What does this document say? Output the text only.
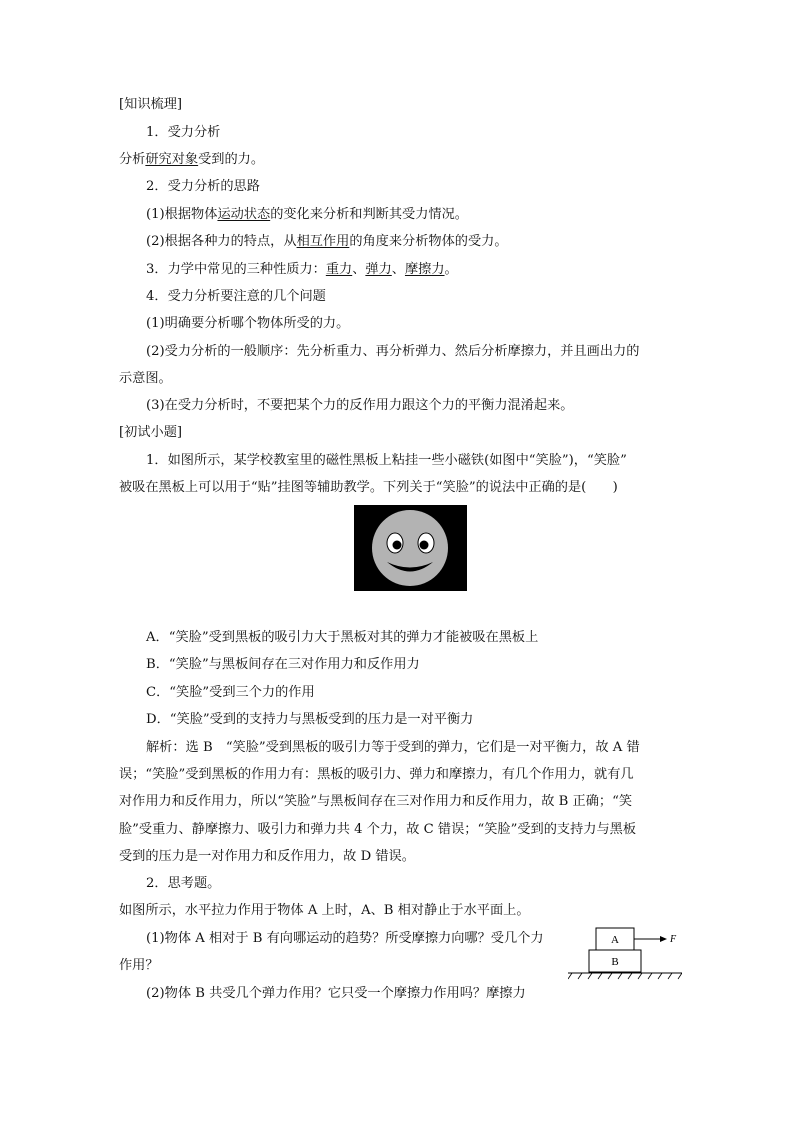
[知识梳理]
1．受力分析
分析研究对象受到的力。
2．受力分析的思路
(1)根据物体运动状态的变化来分析和判断其受力情况。
(2)根据各种力的特点，从相互作用的角度来分析物体的受力。
3．力学中常见的三种性质力：重力、弹力、摩擦力。
4．受力分析要注意的几个问题
(1)明确要分析哪个物体所受的力。
(2)受力分析的一般顺序：先分析重力、再分析弹力、然后分析摩擦力，并且画出力的
示意图。
(3)在受力分析时，不要把某个力的反作用力跟这个力的平衡力混淆起来。
[初试小题]
1．如图所示，某学校教室里的磁性黑板上粘挂一些小磁铁(如图中“笑脸”)，“笑脸”
被吸在黑板上可以用于“贴”挂图等辅助教学。下列关于“笑脸”的说法中正确的是(　　)
A．“笑脸”受到黑板的吸引力大于黑板对其的弹力才能被吸在黑板上
B．“笑脸”与黑板间存在三对作用力和反作用力
C．“笑脸”受到三个力的作用
D．“笑脸”受到的支持力与黑板受到的压力是一对平衡力
解析：选 B　“笑脸”受到黑板的吸引力等于受到的弹力，它们是一对平衡力，故 A 错
误；“笑脸”受到黑板的作用力有：黑板的吸引力、弹力和摩擦力，有几个作用力，就有几
对作用力和反作用力，所以“笑脸”与黑板间存在三对作用力和反作用力，故 B 正确；“笑
脸”受重力、静摩擦力、吸引力和弹力共 4 个力，故 C 错误；“笑脸”受到的支持力与黑板
受到的压力是一对作用力和反作用力，故 D 错误。
2．思考题。
如图所示，水平拉力作用于物体 A 上时，A、B 相对静止于水平面上。
(1)物体 A 相对于 B 有向哪运动的趋势？所受摩擦力向哪？受几个力
作用？
(2)物体 B 共受几个弹力作用？它只受一个摩擦力作用吗？摩擦力
A
B
F
